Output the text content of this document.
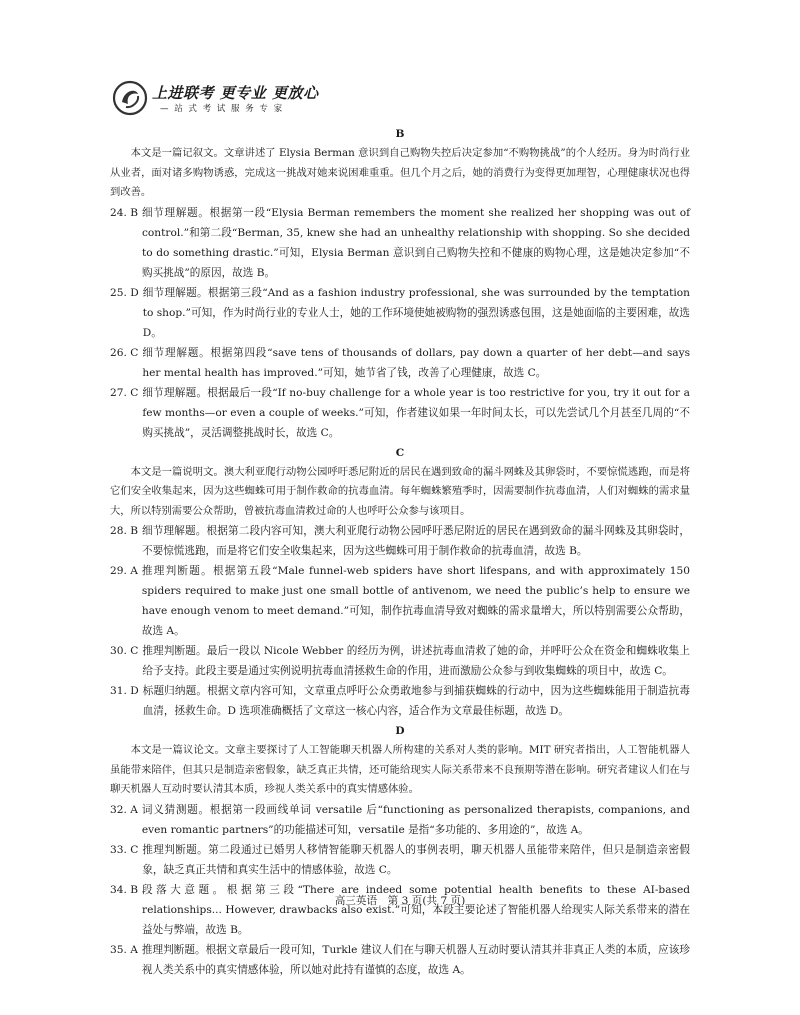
上进联考 更专业 更放心
— 站 式 考 试 服 务 专 家
B

本文是一篇记叙文。文章讲述了 Elysia Berman 意识到自己购物失控后决定参加“不购物挑战”的个人经历。身为时尚行业从业者，面对诸多购物诱惑，完成这一挑战对她来说困难重重。但几个月之后，她的消费行为变得更加理智，心理健康状况也得到改善。

24. B 细节理解题。根据第一段“Elysia Berman remembers the moment she realized her shopping was out of control.”和第二段“Berman, 35, knew she had an unhealthy relationship with shopping. So she decided to do something drastic.”可知，Elysia Berman 意识到自己购物失控和不健康的购物心理，这是她决定参加“不购买挑战”的原因，故选 B。
25. D 细节理解题。根据第三段“And as a fashion industry professional, she was surrounded by the temptation to shop.”可知，作为时尚行业的专业人士，她的工作环境使她被购物的强烈诱惑包围，这是她面临的主要困难，故选 D。
26. C 细节理解题。根据第四段“save tens of thousands of dollars, pay down a quarter of her debt—and says her mental health has improved.”可知，她节省了钱，改善了心理健康，故选 C。
27. C 细节理解题。根据最后一段“If no-buy challenge for a whole year is too restrictive for you, try it out for a few months—or even a couple of weeks.”可知，作者建议如果一年时间太长，可以先尝试几个月甚至几周的“不购买挑战”，灵活调整挑战时长，故选 C。
C

本文是一篇说明文。澳大利亚爬行动物公园呼吁悉尼附近的居民在遇到致命的漏斗网蛛及其卵袋时，不要惊慌逃跑，而是将它们安全收集起来，因为这些蜘蛛可用于制作救命的抗毒血清。每年蜘蛛繁殖季时，因需要制作抗毒血清，人们对蜘蛛的需求量大，所以特别需要公众帮助，曾被抗毒血清救过命的人也呼吁公众参与该项目。

28. B 细节理解题。根据第二段内容可知，澳大利亚爬行动物公园呼吁悉尼附近的居民在遇到致命的漏斗网蛛及其卵袋时，不要惊慌逃跑，而是将它们安全收集起来，因为这些蜘蛛可用于制作救命的抗毒血清，故选 B。
29. A 推理判断题。根据第五段“Male funnel-web spiders have short lifespans, and with approximately 150 spiders required to make just one small bottle of antivenom, we need the public’s help to ensure we have enough venom to meet demand.”可知，制作抗毒血清导致对蜘蛛的需求量增大，所以特别需要公众帮助，故选 A。
30. C 推理判断题。最后一段以 Nicole Webber 的经历为例，讲述抗毒血清救了她的命，并呼吁公众在资金和蜘蛛收集上给予支持。此段主要是通过实例说明抗毒血清拯救生命的作用，进而激励公众参与到收集蜘蛛的项目中，故选 C。
31. D 标题归纳题。根据文章内容可知，文章重点呼吁公众勇敢地参与到捕获蜘蛛的行动中，因为这些蜘蛛能用于制造抗毒血清，拯救生命。D 选项准确概括了文章这一核心内容，适合作为文章最佳标题，故选 D。
D

本文是一篇议论文。文章主要探讨了人工智能聊天机器人所构建的关系对人类的影响。MIT 研究者指出，人工智能机器人虽能带来陪伴，但其只是制造亲密假象，缺乏真正共情，还可能给现实人际关系带来不良预期等潜在影响。研究者建议人们在与聊天机器人互动时要认清其本质，珍视人类关系中的真实情感体验。

32. A 词义猜测题。根据第一段画线单词 versatile 后“functioning as personalized therapists, companions, and even romantic partners”的功能描述可知，versatile 是指“多功能的、多用途的”，故选 A。
33. C 推理判断题。第二段通过已婚男人移情智能聊天机器人的事例表明，聊天机器人虽能带来陪伴，但只是制造亲密假象，缺乏真正共情和真实生活中的情感体验，故选 C。
34. B 段落大意题。根据第三段“There are indeed some potential health benefits to these AI-based relationships... However, drawbacks also exist.”可知，本段主要论述了智能机器人给现实人际关系带来的潜在益处与弊端，故选 B。
35. A 推理判断题。根据文章最后一段可知，Turkle 建议人们在与聊天机器人互动时要认清其并非真正人类的本质，应该珍视人类关系中的真实情感体验，所以她对此持有谨慎的态度，故选 A。
高三英语　第 3 页(共 7 页)
